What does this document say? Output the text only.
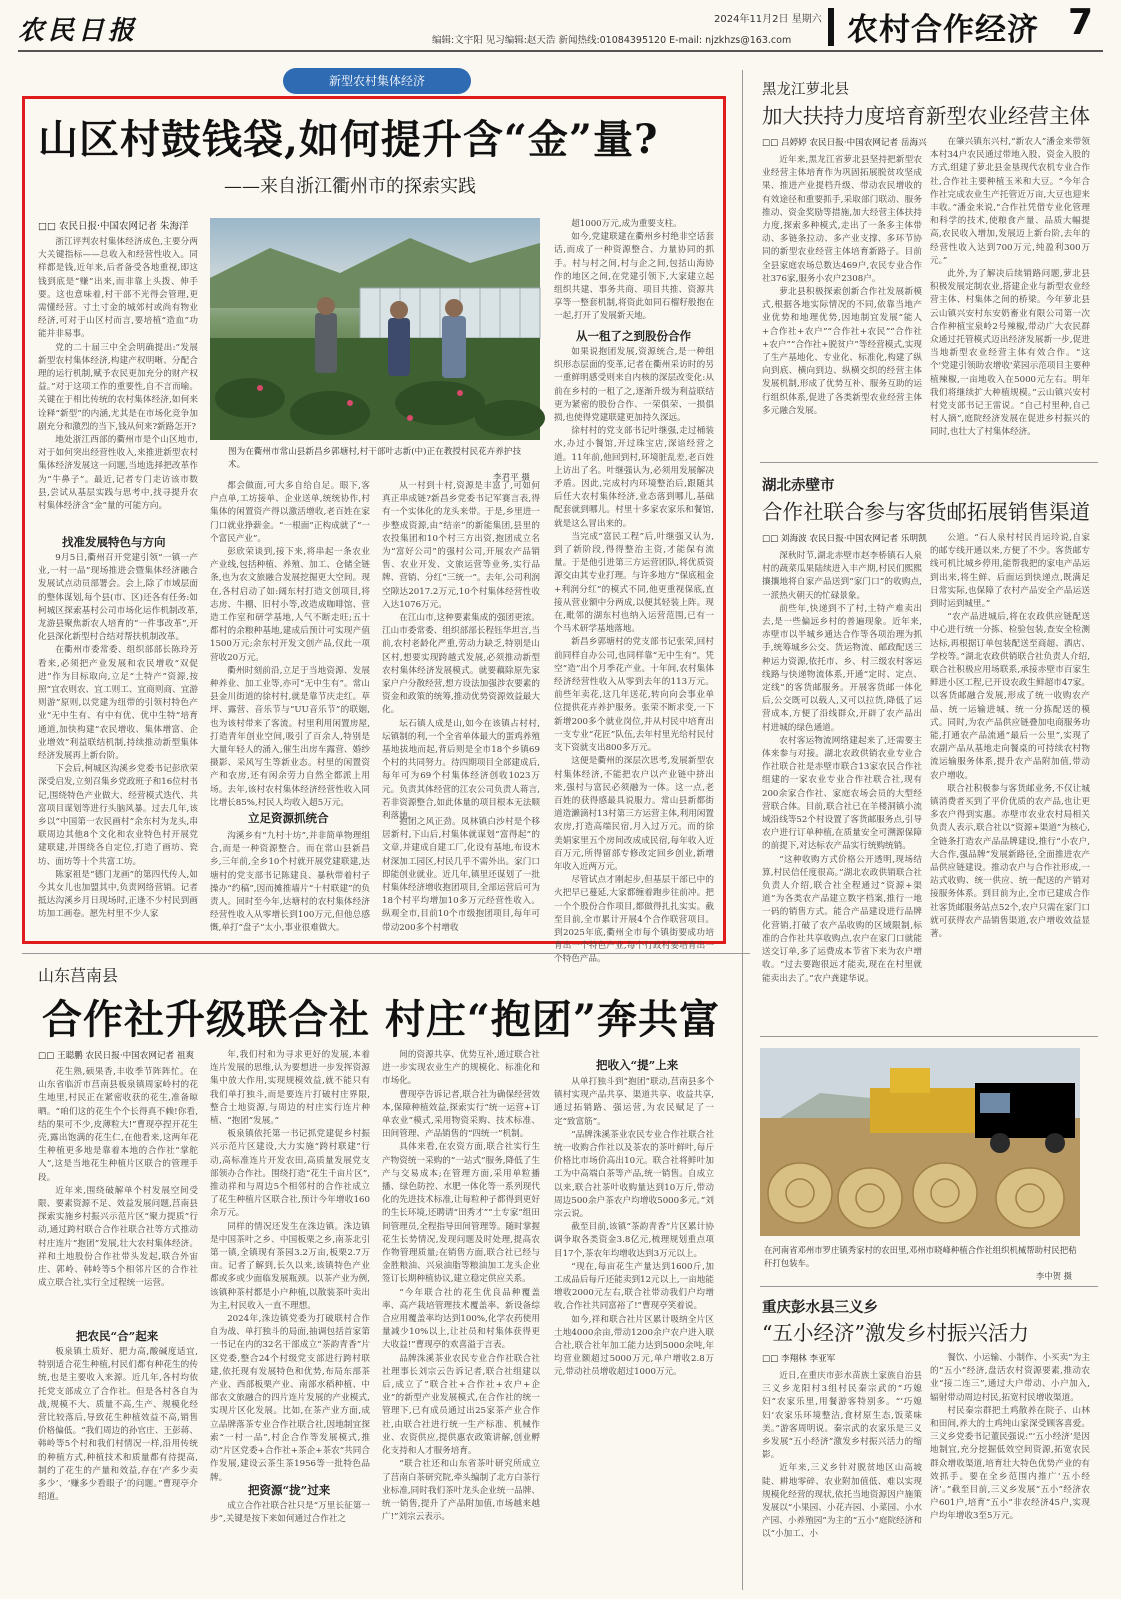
农民日报	2024年11月2日 星期六
编辑:文宇阳 见习编辑:赵天浩 新闻热线:01084395120 E-mail: njzkhzs@163.com 农村合作经济 7
新型农村集体经济
山区村鼓钱袋,如何提升含“金”量?
——来自浙江衢州市的探索实践
□□ 农民日报·中国农网记者 朱海洋
浙江评判农村集体经济成色,主要分两大关键指标——总收入和经营性收入。同样都是钱,近年来,后者备受各地重视,即这钱到底是“赚”出来,而非靠上头拨、伸手要。这也意味着,村干部不光得会管理,更需懂经营。寸土寸金的城郊村或尚有物业经济,可对于山区村而言,要培植“造血”功能并非易事。
党的二十届三中全会明确提出:“发展新型农村集体经济,构建产权明晰、分配合理的运行机制,赋予农民更加充分的财产权益。”对于这项工作的重要性,自不言而喻。关键在于相比传统的农村集体经济,如何来诠释“新型”的内涵,尤其是在市场化竞争加剧充分和激烈的当下,钱从何来?新路怎开?
地处浙江西部的衢州市是个山区地市,对于如何突出经营性收入,来推进新型农村集体经济发展这一问题,当地选择把改革作为“牛鼻子”。最近,记者专门走访该市数县,尝试从基层实践与思考中,找寻提升农村集体经济含“金”量的可能方向。
找准发展特色与方向
9月5日,衢州召开党建引领“一镇一产业,一村一品”现场推进会暨集体经济融合发展试点动员部署会。会上,除了市域层面的整体谋划,每个县(市、区)还各有任务:如柯城区探索基村公司市场化运作机制改革,龙游县聚焦新农人培育的“一件事改革”,开化县深化新型村合结对帮扶机制改革。
在衢州市委常委、组织部部长陈玲芳看来,必须把产业发展和农民增收“双促进”作为目标取向,立足“土特产”资源,按照“宜农则农、宜工则工、宜商则商、宜游则游”原则,以党建为纽带的引领村特色产业“无中生有、有中有优、优中生特”培育通道,加快构建“农民增收、集体增富、企业增效”利益联结机制,持续推动新型集体经济发展再上新台阶。
下会后,柯城区沟溪乡党委书记彭欣荣深受启发,立刻召集乡党政班子和16位村书记,围绕特色产业做大、经营模式迭代、共富项目谋划等进行头脑风暴。过去几年,该乡以“中国第一农民画村”余东村为龙头,串联周边其他8个文化和农业特色村开展党建联建,并围绕各自定位,打造了画坊、瓷坊、面坊等十个共富工坊。
陈家祖是“德门龙画”的第四代传人,如今其女儿也加盟其中,负责网络营销。记者抵达沟溪乡月日现场时,正逢不少村民到画坊加工画卷。愿先村里不少人家
图为在衢州市常山县新昌乡郭塘村,村干部叶志新(中)正在教授村民花卉养护技术。
李君平 摄
都会做面,可大多自给自足。眼下,客户点单,工坊接单、企业送单,统统协作,村集体的闲置资产得以激活增收,老百姓在家门口就业挣薪金。“一根面”正构成就了“一个富民产业”。
彭欣荣谈到,接下来,将串起一条农业产业线,包括种植、养殖、加工、仓储全链条,也为农文旅融合发展挖掘更大空间。现在,各村启动了如:阔东村打造文创项目,将志房、牛棚、旧村小等,改造成咖啡馆、营造工作室和研学基地,人气不断走旺;五十都村的余粮种基地,建成后预计可实现产值1500万元;余东村开发文创产品,仅此一项营收20万元。
衢州时刻前沿,立足于当地资源、发展种养业、加工业等,亦可“无中生有”。常山县金川街道的徐村村,就是靠节庆走红。草坪、露营、音乐节与“UU音乐节”的联姻,也为该村带来了客流。村里利用闲置房屋,打造青年创业空间,吸引了百余人,特别是大量年轻人的涌入,催生出房车露营、婚纱摄影、采风写生等新业态。村里的闲置资产和农房,还有闲余劳力自然全都派上用场。去年,该村农村集体经济经营性收入同比增长85%,村民人均收入超5万元。
立足资源抓统合
沟溪乡有“九村十坊”,并非简单物理组合,而是一种资源整合。而在常山县新昌乡,三年前,全乡10个村就开展党建联建,达塘村的党支部书记陈建良、暴秋带着村子操办“约稿”,因而摊推墙片“十村联建”的负责人。回时至今年,达塘村的农村集体经济经营性收入从零增长到100万元,但他总感慨,单打“盘子”太小,事业很难做大。
从一村到十村,资源是丰富了,可如何真正串成链?新昌乡党委书记军赛言表,得有一个实体化的龙头来带。于是,乡里进一步整成资源,由“结亲”的新能集团,县里的农投集团和10个村三方出资,抱团成立名为“富好公司”的强村公司,开展农产品销售、农业开发、文旅运营等业务,实行品牌、营销、分红“三统一”。去年,公司利润空隙达2017.2万元,10个村集体经营性收入达1076万元。
在江山市,这种要素集成的强团更浓。江山市委常委、组织部部长程钰华坦言,当前,农村老龄化严重,劳动力缺乏,特别是山区村,想要实现跨越式发展,必须推动新型农村集体经济发展模式。就要藕除原先家家户户分散经营,想方设法加强涉农要素的资金和政策的统筹,推动优势资源效益最大化。
坛石镇人成是山,如今在该镇占村村,坛镇制的利,一个全省单体最大的蛋鸡养殖基地拔地而起,背后则是全市18个乡镇69个村的共同努力。待四期项目全部建成后,每年可为69个村集体经济创收1023万元。负责其体经营的江农公司负责人蒋言,若非资源整合,如此体量的项目根本无法顺利落地。
抱团之风正劲。凤林镇白沙村是个移居新村,下山后,村集体就谋划“富得起”的文章,并建成自建工厂,化设有基地,布设木材深加工园区,村民几乎不需外出。家门口即能创业就业。近几年,镇里还谋划了一批村集体经济增收抱团项目,全部运营后可为18个村平均增加10多万元经营性收入。纵观全市,目前10个市级抱团项目,每年可带动200多个村增收
超1000万元,成为重要支柱。
如今,党建联建在衢州乡村绝非空话套话,而成了一种资源整合、力量协同的抓手。村与村之间,村与企之间,包括山海协作的地区之间,在党建引领下,大家建立起组织共建、事务共商、项目共推、资源共享等一整套机制,将资此如同石榴籽般抱在一起,打开了发展新天地。
从一租了之到股份合作
如果说抱团发展,资源统合,是一种组织形态层面的变革,记者在衢州采访时的另一重鲜明感受则来自内核的深层改变化:从前在乡村的一租了之,逐渐升级为利益联结更为紧密的股份合作、一荣俱荣、一损俱损,也使得党建联建更加持久深远。
徐村村的党支部书记叶继强,走过桶装水,办过小餐馆,开过珠宝店,深谙经营之道。11年前,他回到村,环境脏乱差,老百姓上访出了名。叶继强认为,必须用发展解决矛盾。因此,完成村内环境整治后,跟随其后任大农村集体经济,业态落到哪儿,基础配套就到哪儿。村里十多家农家乐和餐馆,就是这么冒出来的。
当完成“富民工程”后,叶继强又认为,到了新阶段,得得整治主资,才能保有流量。于是他引进第三方运营团队,将优质资源交由其专业打理。与许多地方“保底租金+利润分红”的模式不同,他更重视保底,直接从营业额中分两成,以便其轻装上阵。现在,毗邻的湖东村也纳入运营范围,已有一个马术研学基地落地。
新昌乡郭塘村的党支部书记张荣,回村前同样自办公司,也同样靠“无中生有”。凭空“造”出个月季花产业。十年间,农村集体经济经营性收入从零到去年的113万元。前些年卖花,这几年送花,转向向会事业单位提供花卉养护服务。张荣不断求变,一下新增200多个就业岗位,并从村民中培育出一支专业“花匠”队伍,去年村里光给村民付支下资就支出800多万元。
这便是衢州的深层次思考,发展新型农村集体经济,不能把农户以产业链中挤出来,强村与富民必须融为一体。这一点,老百姓的获得感最具说服力。常山县新都街道造濑滴村13村第三方运营主体,利用闲置农房,打造高端民宿,月入过万元。而的徐美娟家里五个房间改成成民宿,每年收入近百万元,所得留部专修改定回乡创业,新增年收入近两万元。
尽管试点才刚起步,但基层干部已中的火把早已蔓延,大家都缠着跑步往前冲。把一个个股份合作项目,都做得扎扎实实。截至目前,全市累计开展4个合作联营项目。到2025年底,衢州全市每个镇街要成功培育出一个特色产业,每个行政村要培育出一个特色产品。
黑龙江萝北县
加大扶持力度培育新型农业经营主体
□□ 吕婷婷 农民日报·中国农网记者 岳海兴
近年来,黑龙江省萝北县坚持把新型农业经营主体培育作为巩固拓展脱贫攻坚成果、推进产业提档升级、带动农民增收的有效途径和重要抓手,采取部门联动、服务推动、资金奖励等措施,加大经营主体扶持力度,探索多种模式,走出了一条多主体带动、多链条拉动、多产业支撑、多环节协同的新型农业经营主体培育新路子。目前全县家庭农场总数达469户,农民专业合作社376家,服务小农户2308户。
萝北县积极探索创新合作社发展新模式,根据各地实际情况的不同,依靠当地产业优势和地理优势,因地制宜发展“能人+合作社+农户”“合作社+农民”“合作社+农户”“合作社+脱贫户”等经营模式,实现了生产基地化、专业化、标准化,构建了纵向到底、横向到边、纵横交织的经营主体发展机制,形成了优势互补、服务互助的运行组织体系,促进了各类新型农业经营主体多元融合发展。
在肇兴镇东兴村,“新农人”潘金来带领本村34户农民通过带地入股、资金入股的方式,组建了萝北县金垦现代农机专业合作社,合作社主要种植玉米和大豆。“今年合作社完成农业生产托管近万亩,大豆也迎来丰收。”潘金来说,“合作社凭借专业化管理和科学的技术,使粮食产量、品质大幅提高,农民收入增加,发展迈上新台阶,去年的经营性收入达到700万元,纯盈利300万元。”
此外,为了解决后续销路问题,萝北县积极发展定制农业,搭建企业与新型农业经营主体、村集体之间的桥梁。今年萝北县云山镇兴安村东安奶畜业有限公司第一次合作种植宝泉岭2号辣椒,带动广大农民群众通过托管模式迈出经济发展新一步,促进当地新型农业经营主体有效合作。“这个'党建引领助农增收'菜园示范项目主要种植辣椒,一亩地收入在5000元左右。明年我们将继续扩大种植规模。”云山镇兴安村村党支部书记王雷说。“自己村里种,自己村人摘”,庭院经济发展在促进乡村振兴的同时,也壮大了村集体经济。
湖北赤壁市
合作社联合参与客货邮拓展销售渠道
□□ 刘海波 农民日报·中国农网记者 乐明凯
深秋时节,湖北赤壁市赵李桥镇石人泉村的蔬菜瓜果陆续进入丰产期,村民们熙熙攘攘地将自家产品送到“家门口”的收购点,一派热火朝天的忙碌景象。
前些年,快递到不了村,土特产难卖出去,是一些偏远乡村的普遍现象。近年来,赤壁市以半城乡通达合作等各项治理为抓手,统筹城乡公交、货运物流、邮政配送三种运力资源,依托市、乡、村三级农村客运线路与快递物流体系,开通“定时、定点、定线”的客货邮服务。开展客货邮一体化后,公交既可以载人,又可以拉货,降低了运营成本,方便了沿线群众,开辟了农产品出村进城的绿色通道。
农村客运物流网络建起来了,还需要主体来参与对接。湖北农政供销农业专业合作社联合社是赤壁市联合13家农民合作社组建的一家农业专业合作社联合社,现有200余家合作社、家庭农场会员的大型经营联合体。目前,联合社已在羊楼洞镇小流域沿线等52个村设置了客货邮服务点,引导农户进行订单种植,在质量安全可溯源保障的前提下,对达标农产品实行统购统销。
“这种收购方式价格公开透明,现场结算,村民信任度很高。”湖北农政供销联合社负责人介绍,联合社全程通过“资源+渠道”为各类农产品建立数字档案,推行一地一码的销售方式。能合产品建设进行品牌化营销,打破了农产品收购的区域限制,标准的合作社共享收购点,农户在家门口就能送交订单,多了运费成本节省下来为农户增收。“过去要跑很远才能卖,现在在村里就能卖出去了。”农户龚建华说。
公道。“石人泉村村民肖运玲说,自家的邮专线开通以来,方便了不少。客货邮专线可机比城乡停用,能帮我把的家电产品运到出来,将生鲜、后面运到快递点,既满足日常实际,也保障了农村产品安全产品运送到时运到城里。”
“农产品进城后,将在农政供应链配送中心进行统一分拣、检验包装,查安全检测达标,再根据订单包装配送至商超、酒店、学校等。”湖北农政供销联合社负责人介绍,联合社积极应用场联系,承接赤壁市百家生鲜进小区工程,已开设农政生鲜超市47家。以客货邮融合发展,形成了统一收购农产品、统一运输进城、统一分拣配送的模式。同时,为农产品供应链叠加电商服务功能,打通农产品流通“最后一公里”,实现了农副产品从基地走向餐桌的可持续农村物流运输服务体系,提升农产品附加值,带动农户增收。
联合社积极参与客货邮业务,不仅让城镇消费者买到了平价优质的农产品,也让更多农户得到实惠。赤壁市农业农村局相关负责人表示,联合社以“资源+渠道”为核心,全链条打造农产品品牌建设,推行“小农户,大合作,强品牌”发展新路径,全面推进农产品供应链建设。推动农户与合作社形成,一站式收购、统一供应、统一配送的产销对接服务体系。到目前为止,全市已建成合作社客货邮服务站点52个,农户只需在家门口就可获得农产品销售渠道,农户增收效益显著。
山东莒南县
合作社升级联合社 村庄“抱团”奔共富
□□ 王聪鹏 农民日报·中国农网记者 祖爽
花生熟,硕果香,丰收季节阵阵忙。在山东省临沂市莒南县板泉镇周家岭村的花生地里,村民正在紧密收获的花生,准备晾晒。“咱们这的花生个个长得真不赖!你看,结的果可不少,皮薄粒大!”曹现亭捏开花生壳,露出饱满的花生仁,在他看来,这两年花生种植更多地是靠着本地的合作社“掌舵人”,这是当地花生种植片区联合的管理手段。
近年来,围绕破解单个村发展空间受限、要素资源不足、效益发展问题,莒南县探索实施乡村振兴示范片区“聚力提质”行动,通过跨村联合合作社联合社等方式推动村庄连片“抱团”发展,壮大农村集体经济。祥和土地股份合作社带头发起,联合外宙庄、郭岭、韩岭等5个相邻片区的合作社成立联合社,实行全过程统一运营。
把农民“合”起来
板泉镇土质好、肥力高,酸碱度适宜,特别适合花生种植,村民们都有种花生的传统,也是主要收入来源。近几年,各村均依托党支部成立了合作社。但是各村各自为战,规模不大、质量不高,生产、规模化经营比较落后,导致花生种植效益不高,销售价格偏低。“我们周边的孙官庄、王彭蒋、韩岭等5个村和我们村情况一样,沿用传统的种植方式,种植技术和质量都有待提高,制约了花生的产量和效益,存在‘产多少卖多少’、‘赚多少看眼子’的问题。”曹现亭介绍道。
年,我们村和为寻求更好的发展,本着连片发展的思维,认为要想进一步发挥资源集中放大作用,实现规模效益,就不能只有我们单打独斗,而是要连片打破村庄界限,整合土地资源,与周边的村庄实行连片种植、“抱团”发展。”
板泉镇依托第一书记抓党建促乡村振兴示范片区建设,大力实施“跨村联建”行动,高标准连片开发农田,高质量发展党支部领办合作社。围绕打造“花生千亩片区”,推动祥和与周边5个相邻村的合作社成立了花生种植片区联合社,预计今年增收160余万元。
同样的情况还发生在洙边镇。洙边镇是中国茶叶之乡、中国板栗之乡,南茶北引第一镇,全镇现有茶园3.2万亩,板栗2.7万亩。记者了解到,长久以来,该镇特色产业都或多或少面临发展瓶颈。以茶产业为例,该镇种茶村都是小户种植,以散装茶叶卖出为主,村民收入一直不理想。
2024年,洙边镇党委为打破联村合作自为战、单打独斗的局面,抽调包括首家第一书记在内的32名干部成立“茶韵青香”片区党委,整合24个村级党支部进行跨村联建,依托现有发展特色和优势,布局东部茶产业、西部板栗产业、南部水稻种植、中部农文旅融合的四片连片发展的产业模式,实现片区化发展。比如,在茶产业方面,成立品牌落茶专业合作社联合社,因地制宜探索“一村一品”,村企合作等发展模式,推动“片区党委+合作社+茶企+茶农”共同合作发展,建设云茶生茶1956等一批特色品牌。
把资源“拢”过来
成立合作社联合社只是“万里长征第一步”,关键是按下来如何通过合作社之
间的资源共享、优势互补,通过联合社进一步实现农业生产的规模化、标准化和市场化。
曹现亭告诉记者,联合社为确保经营效本,保障种植效益,探索实行“统一运营+订单农业”模式,采用物资采购、技术标准、田间管理、产品销售的“四统一”机制。
具体来看,在农资方面,联合社实行生产物资统一采购的“一站式”服务,降低了生产与交易成本;在管理方面,采用单粒播播、绿色防控、水肥一体化等一系列现代化的先进技术标准,让每粒种子都得到更好的生长环境,还聘请“田秀才”“土专家”组田间管理员,全程指导田间管理等。随时掌握花生长势情况,发现问题及时处理,提高农作物管理质量;在销售方面,联合社已经与金胜粮油、兴泉油脂等粮油加工龙头企业签订长期种植协议,建立稳定供应关系。
“今年联合社的花生优良品种覆盖率、高产栽培管理技术覆盖率、新设备综合应用覆盖率均达到100%,化学农药使用量减少10%以上,让社员和村集体获得更大收益!”曹现亭的欢喜溢于言表。
品牌洙溪茶业农民专业合作社联合社社理事长刘宗云告诉记者,联合社组建以后,成立了“联合社+合作社+农户+企业”的新型产业发展模式,在合作社的统一管理下,已有成员通过出25家茶产业合作社,由联合社进行统一生产标准、机械作业、农资供应,提供惠农政策讲解,创业孵化支持和人才服务培育。
“联合社还和山东省茶叶研究所成立了莒南白茶研究院,牵头编制了北方白茶行业标准,同时我们茶叶龙头企业统一品牌、统一销售,提升了产品附加值,市场越来越广!”刘宗云表示。
把收入“提”上来
从单打独斗到“抱团”联动,莒南县多个镇村实现产品共享、渠道共享、收益共享,通过拓销路、强运营,为农民赋足了一定“致富筋”。
“品牌洙溪茶业农民专业合作社联合社统一收购合作社以及茶农的茶叶鲜叶,每斤价格比市场价高出10元。联合社将鲜叶加工为中高端白茶等产品,统一销售。自成立以来,联合社茶叶收购量达到10万斤,带动周边500余户茶农户均增收5000多元。”刘宗云说。
截至目前,该镇“茶韵青香”片区累计协调争取各类资金3.8亿元,梳理规划重点项目17个,茶农年均增收达到3万元以上。
“现在,每亩花生产量达到1600斤,加工成品后每斤还能卖到12元以上,一亩地能增收2000元左右,联合社带动我们户均增收,合作社共同富裕了!”曹现亭笑着说。
如今,祥和联合社片区累计吸纳全片区土地4000余亩,带动1200余户农户进入联合社,联合社年加工能力达到5000余吨,年均营业额超过5000万元,单户增收2.8万元,带动社员增收超过1000万元。
在河南省邓州市罗庄镇秀家村的农田里,邓州市晓峰种植合作社组织机械帮助村民把秸秆打包装车。
李中贺 摄
重庆彭水县三义乡
“五小经济”激发乡村振兴活力
□□ 李翔林 李亚军
近日,在重庆市彭水苗族土家族自治县三义乡龙阳村3组村民秦宗武的“巧媳妇”农家乐里,用餐游客特别多。“‘巧媳妇’农家乐环境整洁,食材原生态,饭菜味美。”游客周明说。秦宗武的农家乐是三义乡发展“五小经济”激发乡村振兴活力的缩影。
近年来,三义乡针对脱贫地区山高坡陡、耕地零碎、农业附加值低、难以实现规模化经营的现状,依托当地资源因户施策发展以“小果园、小花卉园、小菜园、小水产园、小养殖园”为主的“五小”庭院经济和以“小加工、小
餐饮、小运输、小制作、小买卖”为主的“五小”经济,盘活农村资源要素,推动农业“接二连三”,通过大户带动、小户加入,辐射带动周边村民,拓宽村民增收渠道。
村民秦宗群把土鸡散养在院子、山林和田间,养大的土鸡纯山家深受顾客喜爱。三义乡党委书记董民强说:“‘五小经济’是因地制宜,充分挖掘低效空间资源,拓宽农民群众增收渠道,培育壮大特色优势产业的有效抓手。要在全乡范围内推广‘五小经济’。”截至目前,三义乡发展“五小”经济农户601户,培育“五小”非农经济45户,实现户均年增收3至5万元。
